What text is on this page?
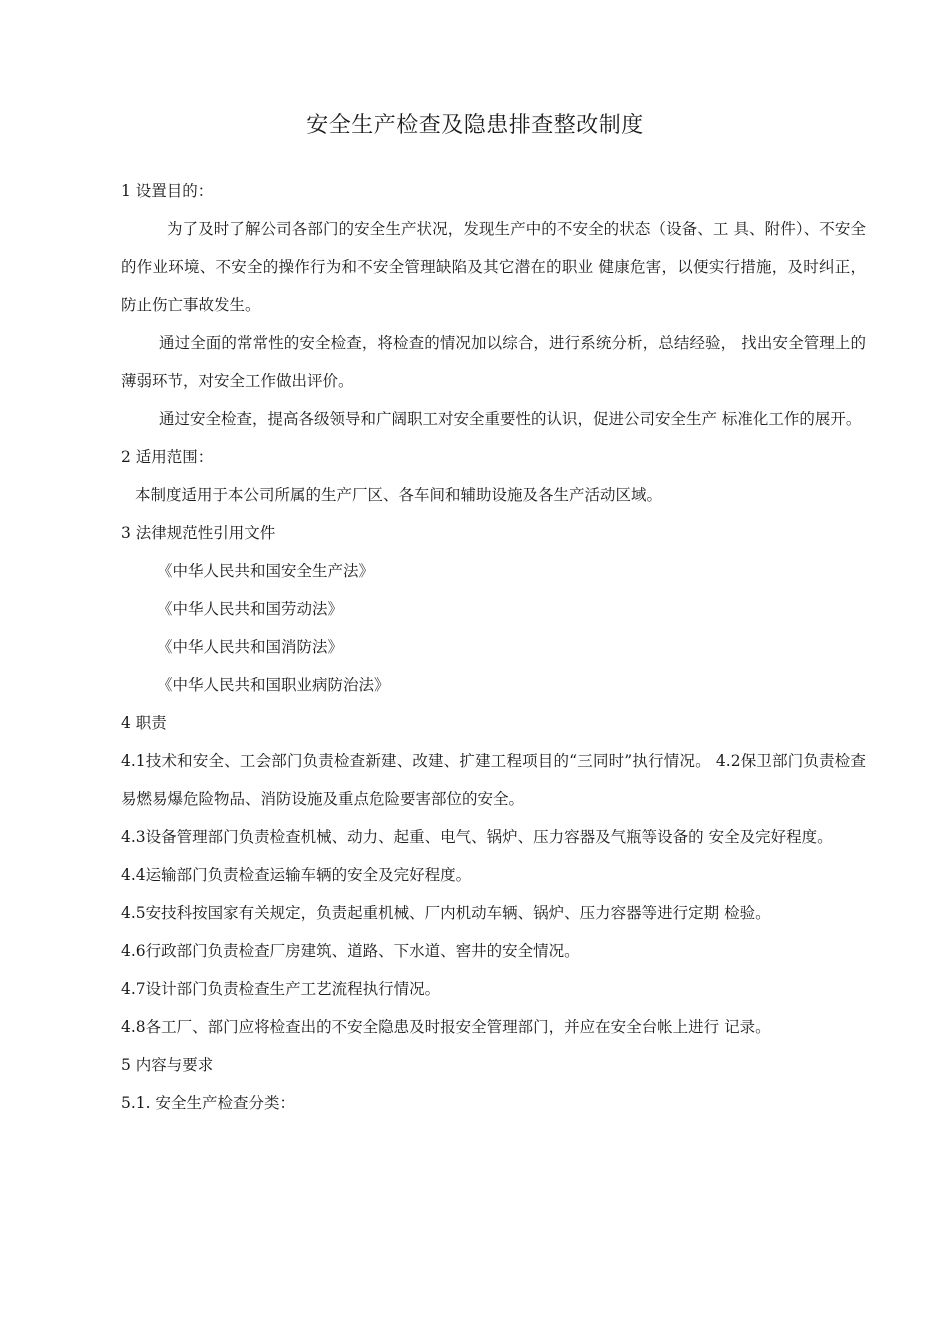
安全生产检查及隐患排查整改制度

1 设置目的：

为了及时了解公司各部门的安全生产状况，发现生产中的不安全的状态（设备、工 具、附件）、不安全的作业环境、不安全的操作行为和不安全管理缺陷及其它潜在的职业 健康危害，以便实行措施，及时纠正，防止伤亡事故发生。

通过全面的常常性的安全检查，将检查的情况加以综合，进行系统分析，总结经验， 找出安全管理上的薄弱环节，对安全工作做出评价。

通过安全检查，提高各级领导和广阔职工对安全重要性的认识，促进公司安全生产 标准化工作的展开。

2 适用范围：

本制度适用于本公司所属的生产厂区、各车间和辅助设施及各生产活动区域。

3 法律规范性引用文件

《中华人民共和国安全生产法》

《中华人民共和国劳动法》

《中华人民共和国消防法》

《中华人民共和国职业病防治法》

4 职责

4.1技术和安全、工会部门负责检查新建、改建、扩建工程项目的“三同时”执行情况。 4.2保卫部门负责检查易燃易爆危险物品、消防设施及重点危险要害部位的安全。

4.3设备管理部门负责检查机械、动力、起重、电气、锅炉、压力容器及气瓶等设备的 安全及完好程度。

4.4运输部门负责检查运输车辆的安全及完好程度。

4.5安技科按国家有关规定，负责起重机械、厂内机动车辆、锅炉、压力容器等进行定期 检验。

4.6行政部门负责检查厂房建筑、道路、下水道、窖井的安全情况。

4.7设计部门负责检查生产工艺流程执行情况。

4.8各工厂、部门应将检查出的不安全隐患及时报安全管理部门，并应在安全台帐上进行 记录。

5 内容与要求

5.1. 安全生产检查分类：
